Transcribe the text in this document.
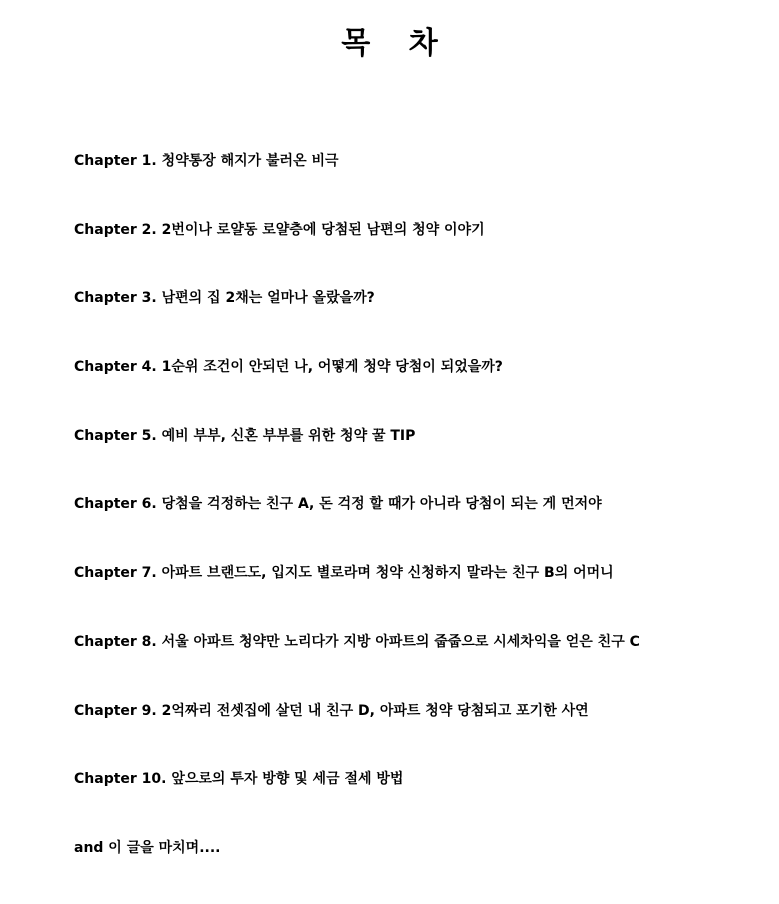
목 차
Chapter 1. 청약통장 해지가 불러온 비극
Chapter 2. 2번이나 로얄동 로얄층에 당첨된 남편의 청약 이야기
Chapter 3. 남편의 집 2채는 얼마나 올랐을까?
Chapter 4. 1순위 조건이 안되던 나, 어떻게 청약 당첨이 되었을까?
Chapter 5. 예비 부부, 신혼 부부를 위한 청약 꿀 TIP
Chapter 6. 당첨을 걱정하는 친구 A, 돈 걱정 할 때가 아니라 당첨이 되는 게 먼저야
Chapter 7. 아파트 브랜드도, 입지도 별로라며 청약 신청하지 말라는 친구 B의 어머니
Chapter 8. 서울 아파트 청약만 노리다가 지방 아파트의 줍줍으로 시세차익을 얻은 친구 C
Chapter 9. 2억짜리 전셋집에 살던 내 친구 D, 아파트 청약 당첨되고 포기한 사연
Chapter 10. 앞으로의 투자 방향 및 세금 절세 방법
and 이 글을 마치며....
